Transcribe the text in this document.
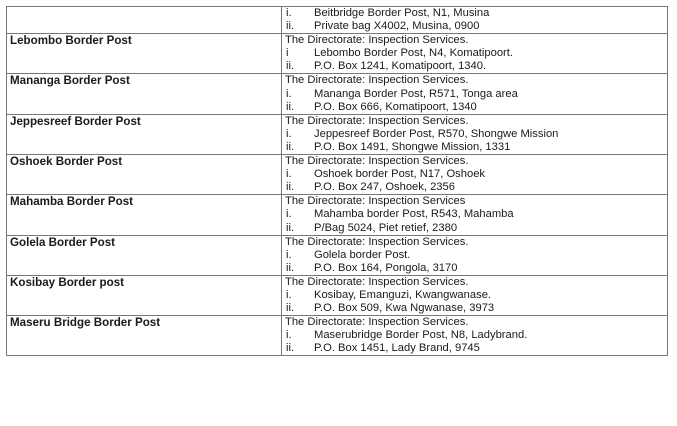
	i. Beitbridge Border Post, N1, Musina
ii. Private bag X4002, Musina, 0900

Lebombo Border Post	The Directorate: Inspection Services.
i Lebombo Border Post, N4, Komatipoort.
ii. P.O. Box 1241, Komatipoort, 1340.

Mananga Border Post	The Directorate: Inspection Services.
i. Mananga Border Post, R571, Tonga area
ii. P.O. Box 666, Komatipoort, 1340

Jeppesreef Border Post	The Directorate: Inspection Services.
i. Jeppesreef Border Post, R570, Shongwe Mission
ii. P.O. Box 1491, Shongwe Mission, 1331

Oshoek Border Post	The Directorate: Inspection Services.
i. Oshoek border Post, N17, Oshoek
ii. P.O. Box 247, Oshoek, 2356

Mahamba Border Post	The Directorate: Inspection Services
i. Mahamba border Post, R543, Mahamba
ii. P/Bag 5024, Piet retief, 2380

Golela Border Post	The Directorate: Inspection Services.
i. Golela border Post.
ii. P.O. Box 164, Pongola, 3170

Kosibay Border post	The Directorate: Inspection Services.
i. Kosibay, Emanguzi, Kwangwanase.
ii. P.O. Box 509, Kwa Ngwanase, 3973

Maseru Bridge Border Post	The Directorate: Inspection Services.
i. Maserubridge Border Post, N8, Ladybrand.
ii. P.O. Box 1451, Lady Brand, 9745
